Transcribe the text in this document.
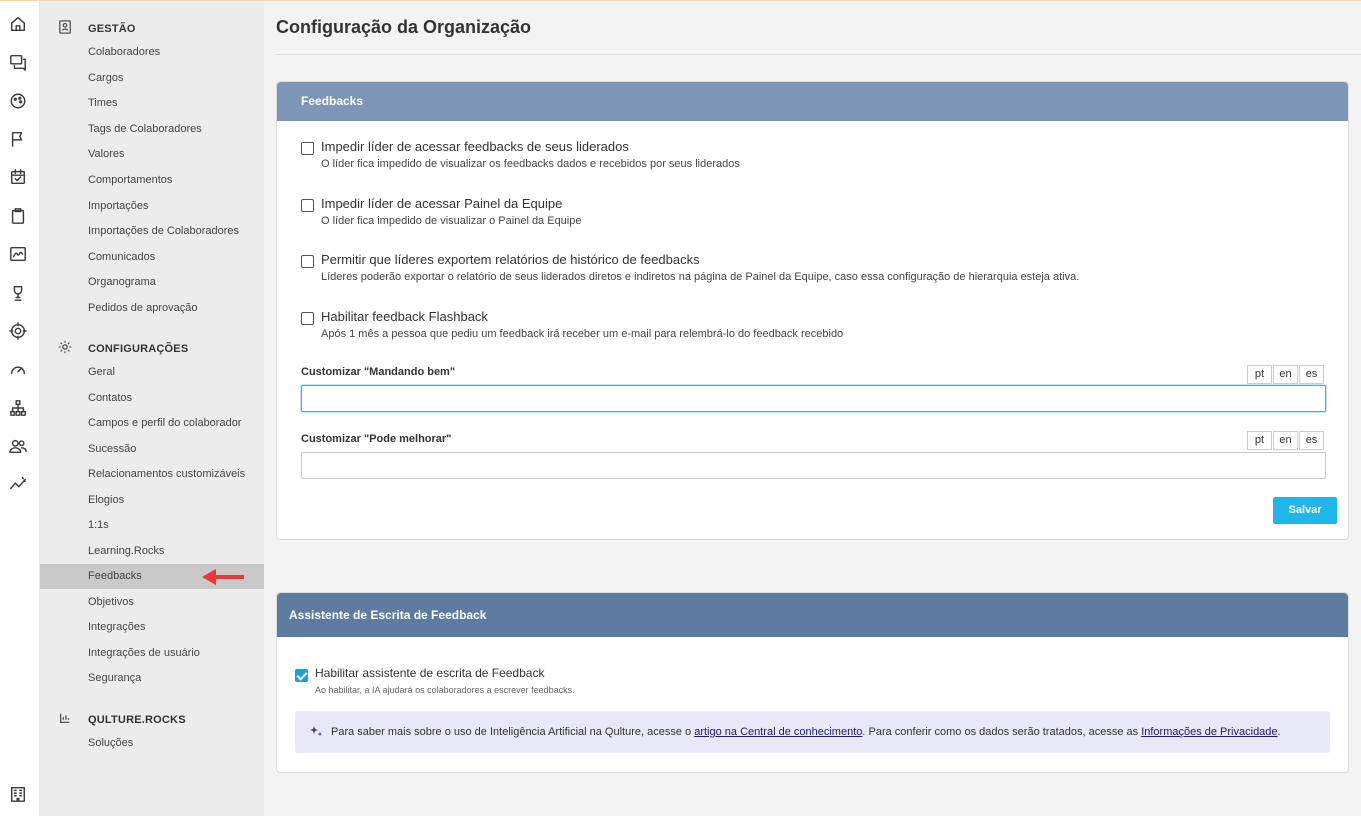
GESTÃO
Colaboradores
Cargos
Times
Tags de Colaboradores
Valores
Comportamentos
Importações
Importações de Colaboradores
Comunicados
Organograma
Pedidos de aprovação
CONFIGURAÇÕES
Geral
Contatos
Campos e perfil do colaborador
Sucessão
Relacionamentos customizáveis
Elogios
1:1s
Learning.Rocks
Feedbacks
Objetivos
Integrações
Integrações de usuário
Segurança
QULTURE.ROCKS
Soluções
Configuração da Organização
Feedbacks
Impedir líder de acessar feedbacks de seus liderados
O líder fica impedido de visualizar os feedbacks dados e recebidos por seus liderados
Impedir líder de acessar Painel da Equipe
O líder fica impedido de visualizar o Painel da Equipe
Permitir que líderes exportem relatórios de histórico de feedbacks
Líderes poderão exportar o relatório de seus liderados diretos e indiretos na página de Painel da Equipe, caso essa configuração de hierarquia esteja ativa.
Habilitar feedback Flashback
Após 1 mês a pessoa que pediu um feedback irá receber um e-mail para relembrá-lo do feedback recebido
Customizar "Mandando bem"	pt	en	es
Customizar "Pode melhorar"	pt	en	es
Salvar
Assistente de Escrita de Feedback
Habilitar assistente de escrita de Feedback
Ao habilitar, a IA ajudará os colaboradores a escrever feedbacks.
Para saber mais sobre o uso de Inteligência Artificial na Qulture, acesse o artigo na Central de conhecimento. Para conferir como os dados serão tratados, acesse as Informações de Privacidade.
